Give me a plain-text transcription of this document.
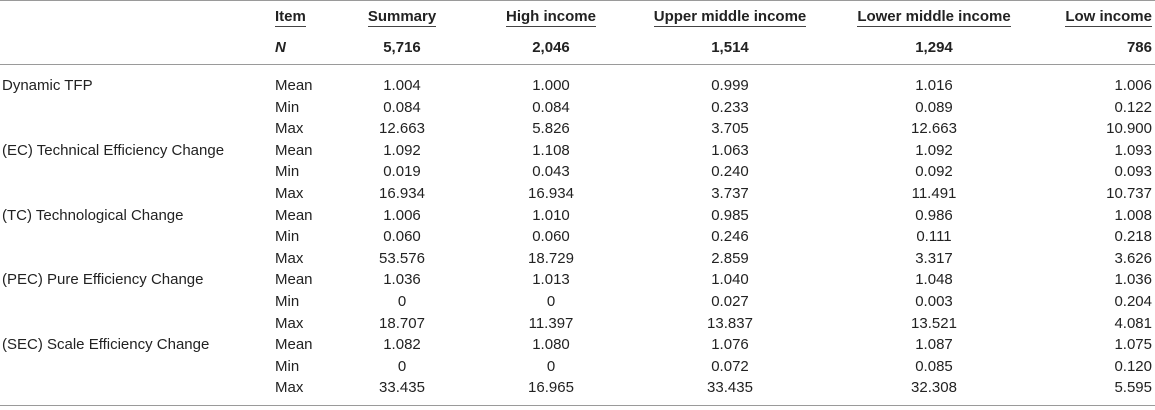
	Item	Summary	High income	Upper middle income	Lower middle income	Low income
	N	5,716	2,046	1,514	1,294	786
Dynamic TFP	Mean	1.004	1.000	0.999	1.016	1.006
	Min	0.084	0.084	0.233	0.089	0.122
	Max	12.663	5.826	3.705	12.663	10.900
(EC) Technical Efficiency Change	Mean	1.092	1.108	1.063	1.092	1.093
	Min	0.019	0.043	0.240	0.092	0.093
	Max	16.934	16.934	3.737	11.491	10.737
(TC) Technological Change	Mean	1.006	1.010	0.985	0.986	1.008
	Min	0.060	0.060	0.246	0.111	0.218
	Max	53.576	18.729	2.859	3.317	3.626
(PEC) Pure Efficiency Change	Mean	1.036	1.013	1.040	1.048	1.036
	Min	0	0	0.027	0.003	0.204
	Max	18.707	11.397	13.837	13.521	4.081
(SEC) Scale Efficiency Change	Mean	1.082	1.080	1.076	1.087	1.075
	Min	0	0	0.072	0.085	0.120
	Max	33.435	16.965	33.435	32.308	5.595
